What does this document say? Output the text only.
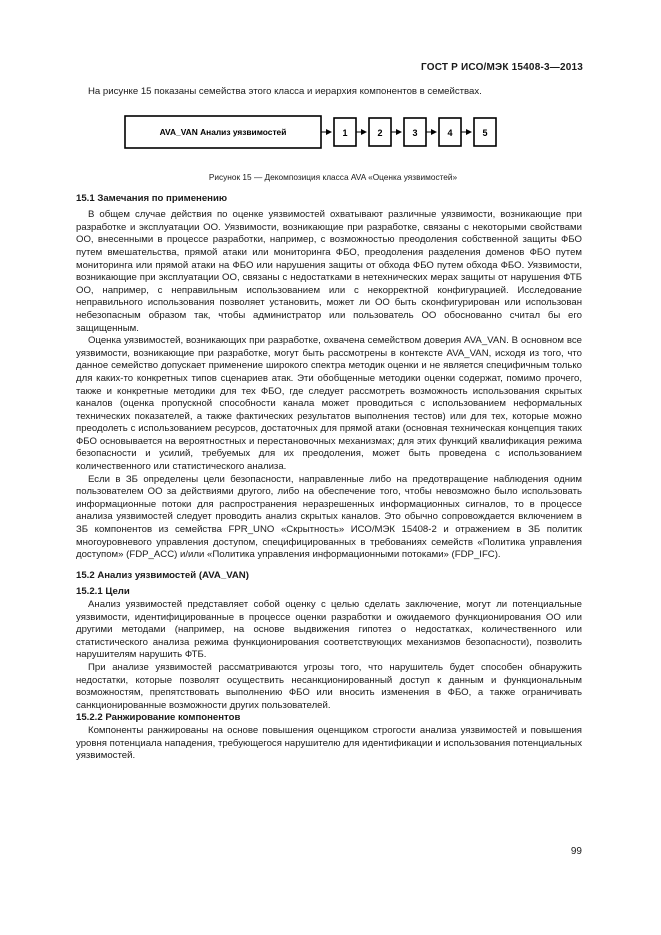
ГОСТ Р ИСО/МЭК 15408-3—2013

На рисунке 15 показаны семейства этого класса и иерархия компонентов в семействах.

AVA_VAN Анализ уязвимостей	1	2	3	4	5

Рисунок 15 — Декомпозиция класса AVA «Оценка уязвимостей»

15.1 Замечания по применению

В общем случае действия по оценке уязвимостей охватывают различные уязвимости, возникающие при разработке и эксплуатации ОО. Уязвимости, возникающие при разработке, связаны с некоторыми свойствами ОО, внесенными в процессе разработки, например, с возможностью преодоления собственной защиты ФБО путем вмешательства, прямой атаки или мониторинга ФБО, преодоления разделения доменов ФБО путем мониторинга или прямой атаки на ФБО или нарушения защиты от обхода ФБО путем обхода ФБО. Уязвимости, возникающие при эксплуатации ОО, связаны с недостатками в нетехнических мерах защиты от нарушения ФТБ ОО, например, с неправильным использованием или с некорректной конфигурацией. Исследование неправильного использования позволяет установить, может ли ОО быть сконфигурирован или использован небезопасным образом так, чтобы администратор или пользователь ОО обоснованно считал бы его защищенным.

Оценка уязвимостей, возникающих при разработке, охвачена семейством доверия AVA_VAN. В основном все уязвимости, возникающие при разработке, могут быть рассмотрены в контексте AVA_VAN, исходя из того, что данное семейство допускает применение широкого спектра методик оценки и не является специфичным только для каких-то конкретных типов сценариев атак. Эти обобщенные методики оценки содержат, помимо прочего, также и конкретные методики для тех ФБО, где следует рассмотреть возможность использования скрытых каналов (оценка пропускной способности канала может проводиться с использованием неформальных технических показателей, а также фактических результатов выполнения тестов) или для тех, которые можно преодолеть с использованием ресурсов, достаточных для прямой атаки (основная техническая концепция таких ФБО основывается на вероятностных и перестановочных механизмах; для этих функций квалификация режима безопасности и усилий, требуемых для их преодоления, может быть проведена с использованием количественного или статистического анализа.

Если в ЗБ определены цели безопасности, направленные либо на предотвращение наблюдения одним пользователем ОО за действиями другого, либо на обеспечение того, чтобы невозможно было использовать информационные потоки для распространения неразрешенных информационных сигналов, то в процессе анализа уязвимостей следует проводить анализ скрытых каналов. Это обычно сопровождается включением в ЗБ компонентов из семейства FPR_UNO «Скрытность» ИСО/МЭК 15408-2 и отражением в ЗБ политик многоуровневого управления доступом, специфицированных в требованиях семейств «Политика управления доступом» (FDP_ACC) и/или «Политика управления информационными потоками» (FDP_IFC).

15.2 Анализ уязвимостей (AVA_VAN)

15.2.1 Цели

Анализ уязвимостей представляет собой оценку с целью сделать заключение, могут ли потенциальные уязвимости, идентифицированные в процессе оценки разработки и ожидаемого функционирования ОО или другими методами (например, на основе выдвижения гипотез о недостатках, количественного или статистического анализа режима функционирования соответствующих механизмов безопасности), позволить нарушителям нарушить ФТБ.

При анализе уязвимостей рассматриваются угрозы того, что нарушитель будет способен обнаружить недостатки, которые позволят осуществить несанкционированный доступ к данным и функциональным возможностям, препятствовать выполнению ФБО или вносить изменения в ФБО, а также ограничивать санкционированные возможности других пользователей.

15.2.2 Ранжирование компонентов

Компоненты ранжированы на основе повышения оценщиком строгости анализа уязвимостей и повышения уровня потенциала нападения, требующегося нарушителю для идентификации и использования потенциальных уязвимостей.

99
